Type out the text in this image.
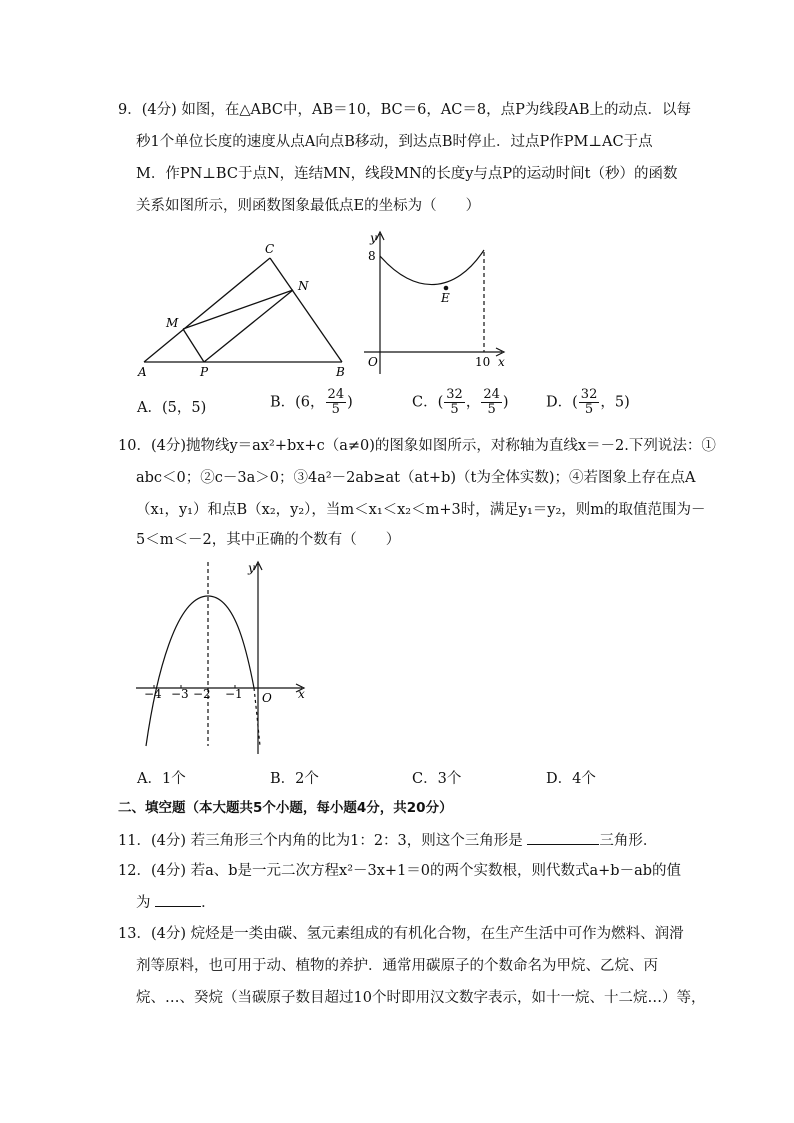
9．(4分) 如图，在△ABC中，AB＝10，BC＝6，AC＝8，点P为线段AB上的动点．以每
秒1个单位长度的速度从点A向点B移动，到达点B时停止．过点P作PM⊥AC于点
M．作PN⊥BC于点N，连结MN，线段MN的长度y与点P的运动时间t（秒）的函数
关系如图所示，则函数图象最低点E的坐标为（　　）
A	B
C
M
N
P
y
x
O
8
10
E
A．(5，5)	B．(6， $\frac{24}{5}$ )	C．( $\frac{32}{5}$ ， $\frac{24}{5}$ )	D．( $\frac{32}{5}$ ，5)
10．(4分)抛物线y＝ax²+bx+c（a≠0)的图象如图所示，对称轴为直线x＝－2.下列说法：①
abc＜0；②c－3a＞0；③4a²－2ab≥at（at+b)（t为全体实数)；④若图象上存在点A
（x₁，y₁）和点B（x₂，y₂），当m＜x₁＜x₂＜m+3时，满足y₁＝y₂，则m的取值范围为－
5＜m＜－2，其中正确的个数有（　　）
y
x
O
−4 −3 −2 −1
A．1个	B．2个	C．3个	D．4个
二、填空题（本大题共5个小题，每小题4分，共20分）
11．(4分) 若三角形三个内角的比为1：2：3，则这个三角形是	三角形．
12．(4分) 若a、b是一元二次方程x²－3x+1＝0的两个实数根，则代数式a+b－ab的值
为	．
13．(4分) 烷烃是一类由碳、氢元素组成的有机化合物，在生产生活中可作为燃料、润滑
剂等原料，也可用于动、植物的养护．通常用碳原子的个数命名为甲烷、乙烷、丙
烷、…、癸烷（当碳原子数目超过10个时即用汉文数字表示，如十一烷、十二烷…）等，
